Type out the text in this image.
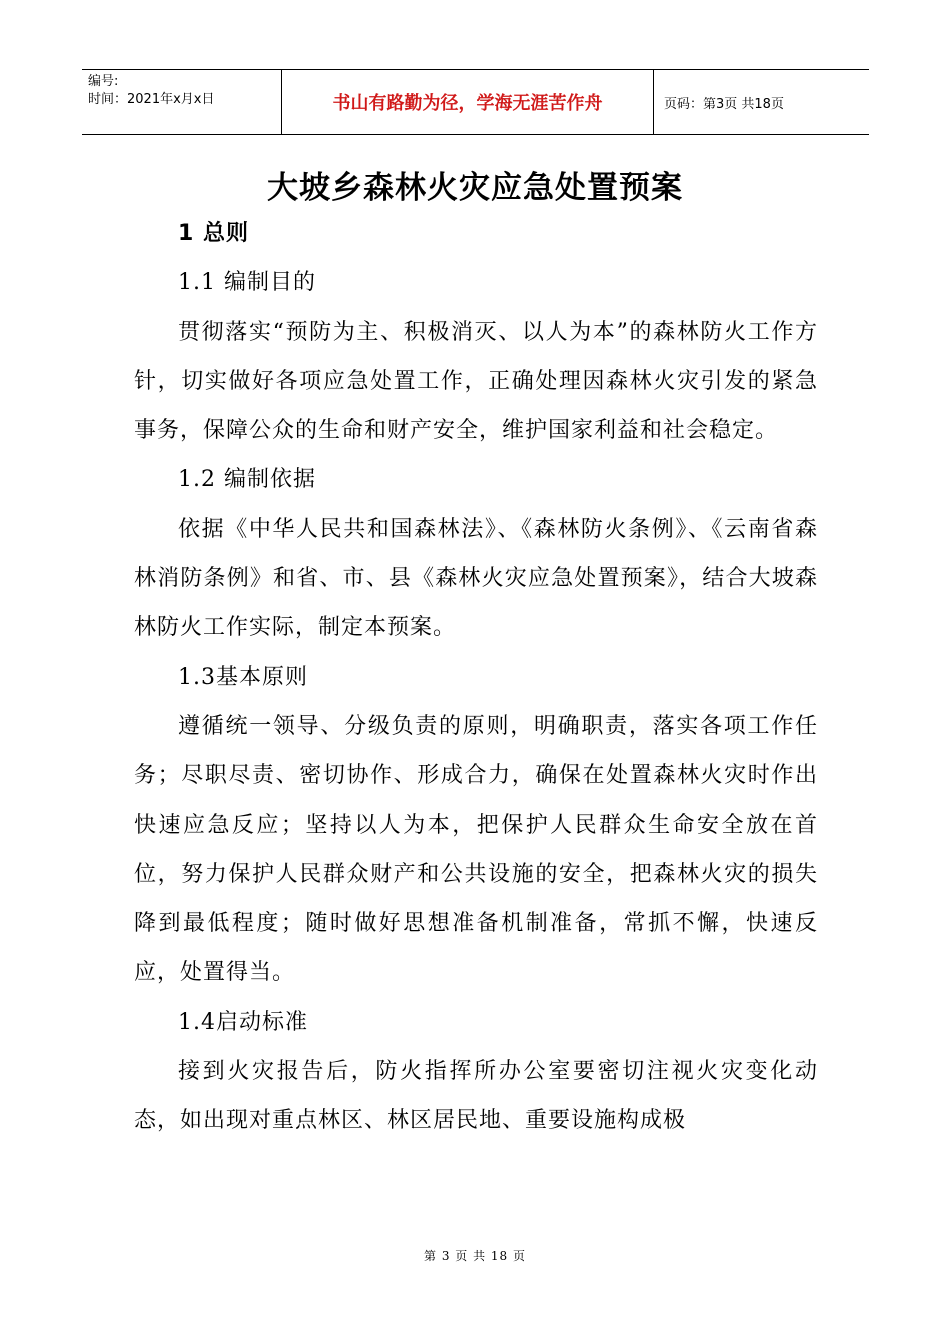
编号:
时间：2021年x月x日	书山有路勤为径，学海无涯苦作舟	页码：第3页 共18页
大坡乡森林火灾应急处置预案

1 总则

1.1 编制目的

贯彻落实“预防为主、积极消灭、以人为本”的森林防火工作方针，切实做好各项应急处置工作，正确处理因森林火灾引发的紧急事务，保障公众的生命和财产安全，维护国家利益和社会稳定。

1.2 编制依据

依据《中华人民共和国森林法》、《森林防火条例》、《云南省森林消防条例》和省、市、县《森林火灾应急处置预案》，结合大坡森林防火工作实际，制定本预案。

1.3基本原则

遵循统一领导、分级负责的原则，明确职责，落实各项工作任务；尽职尽责、密切协作、形成合力，确保在处置森林火灾时作出快速应急反应；坚持以人为本，把保护人民群众生命安全放在首位，努力保护人民群众财产和公共设施的安全，把森林火灾的损失降到最低程度；随时做好思想准备机制准备，常抓不懈，快速反应，处置得当。

1.4启动标准

接到火灾报告后，防火指挥所办公室要密切注视火灾变化动态，如出现对重点林区、林区居民地、重要设施构成极

第 3 页 共 18 页
